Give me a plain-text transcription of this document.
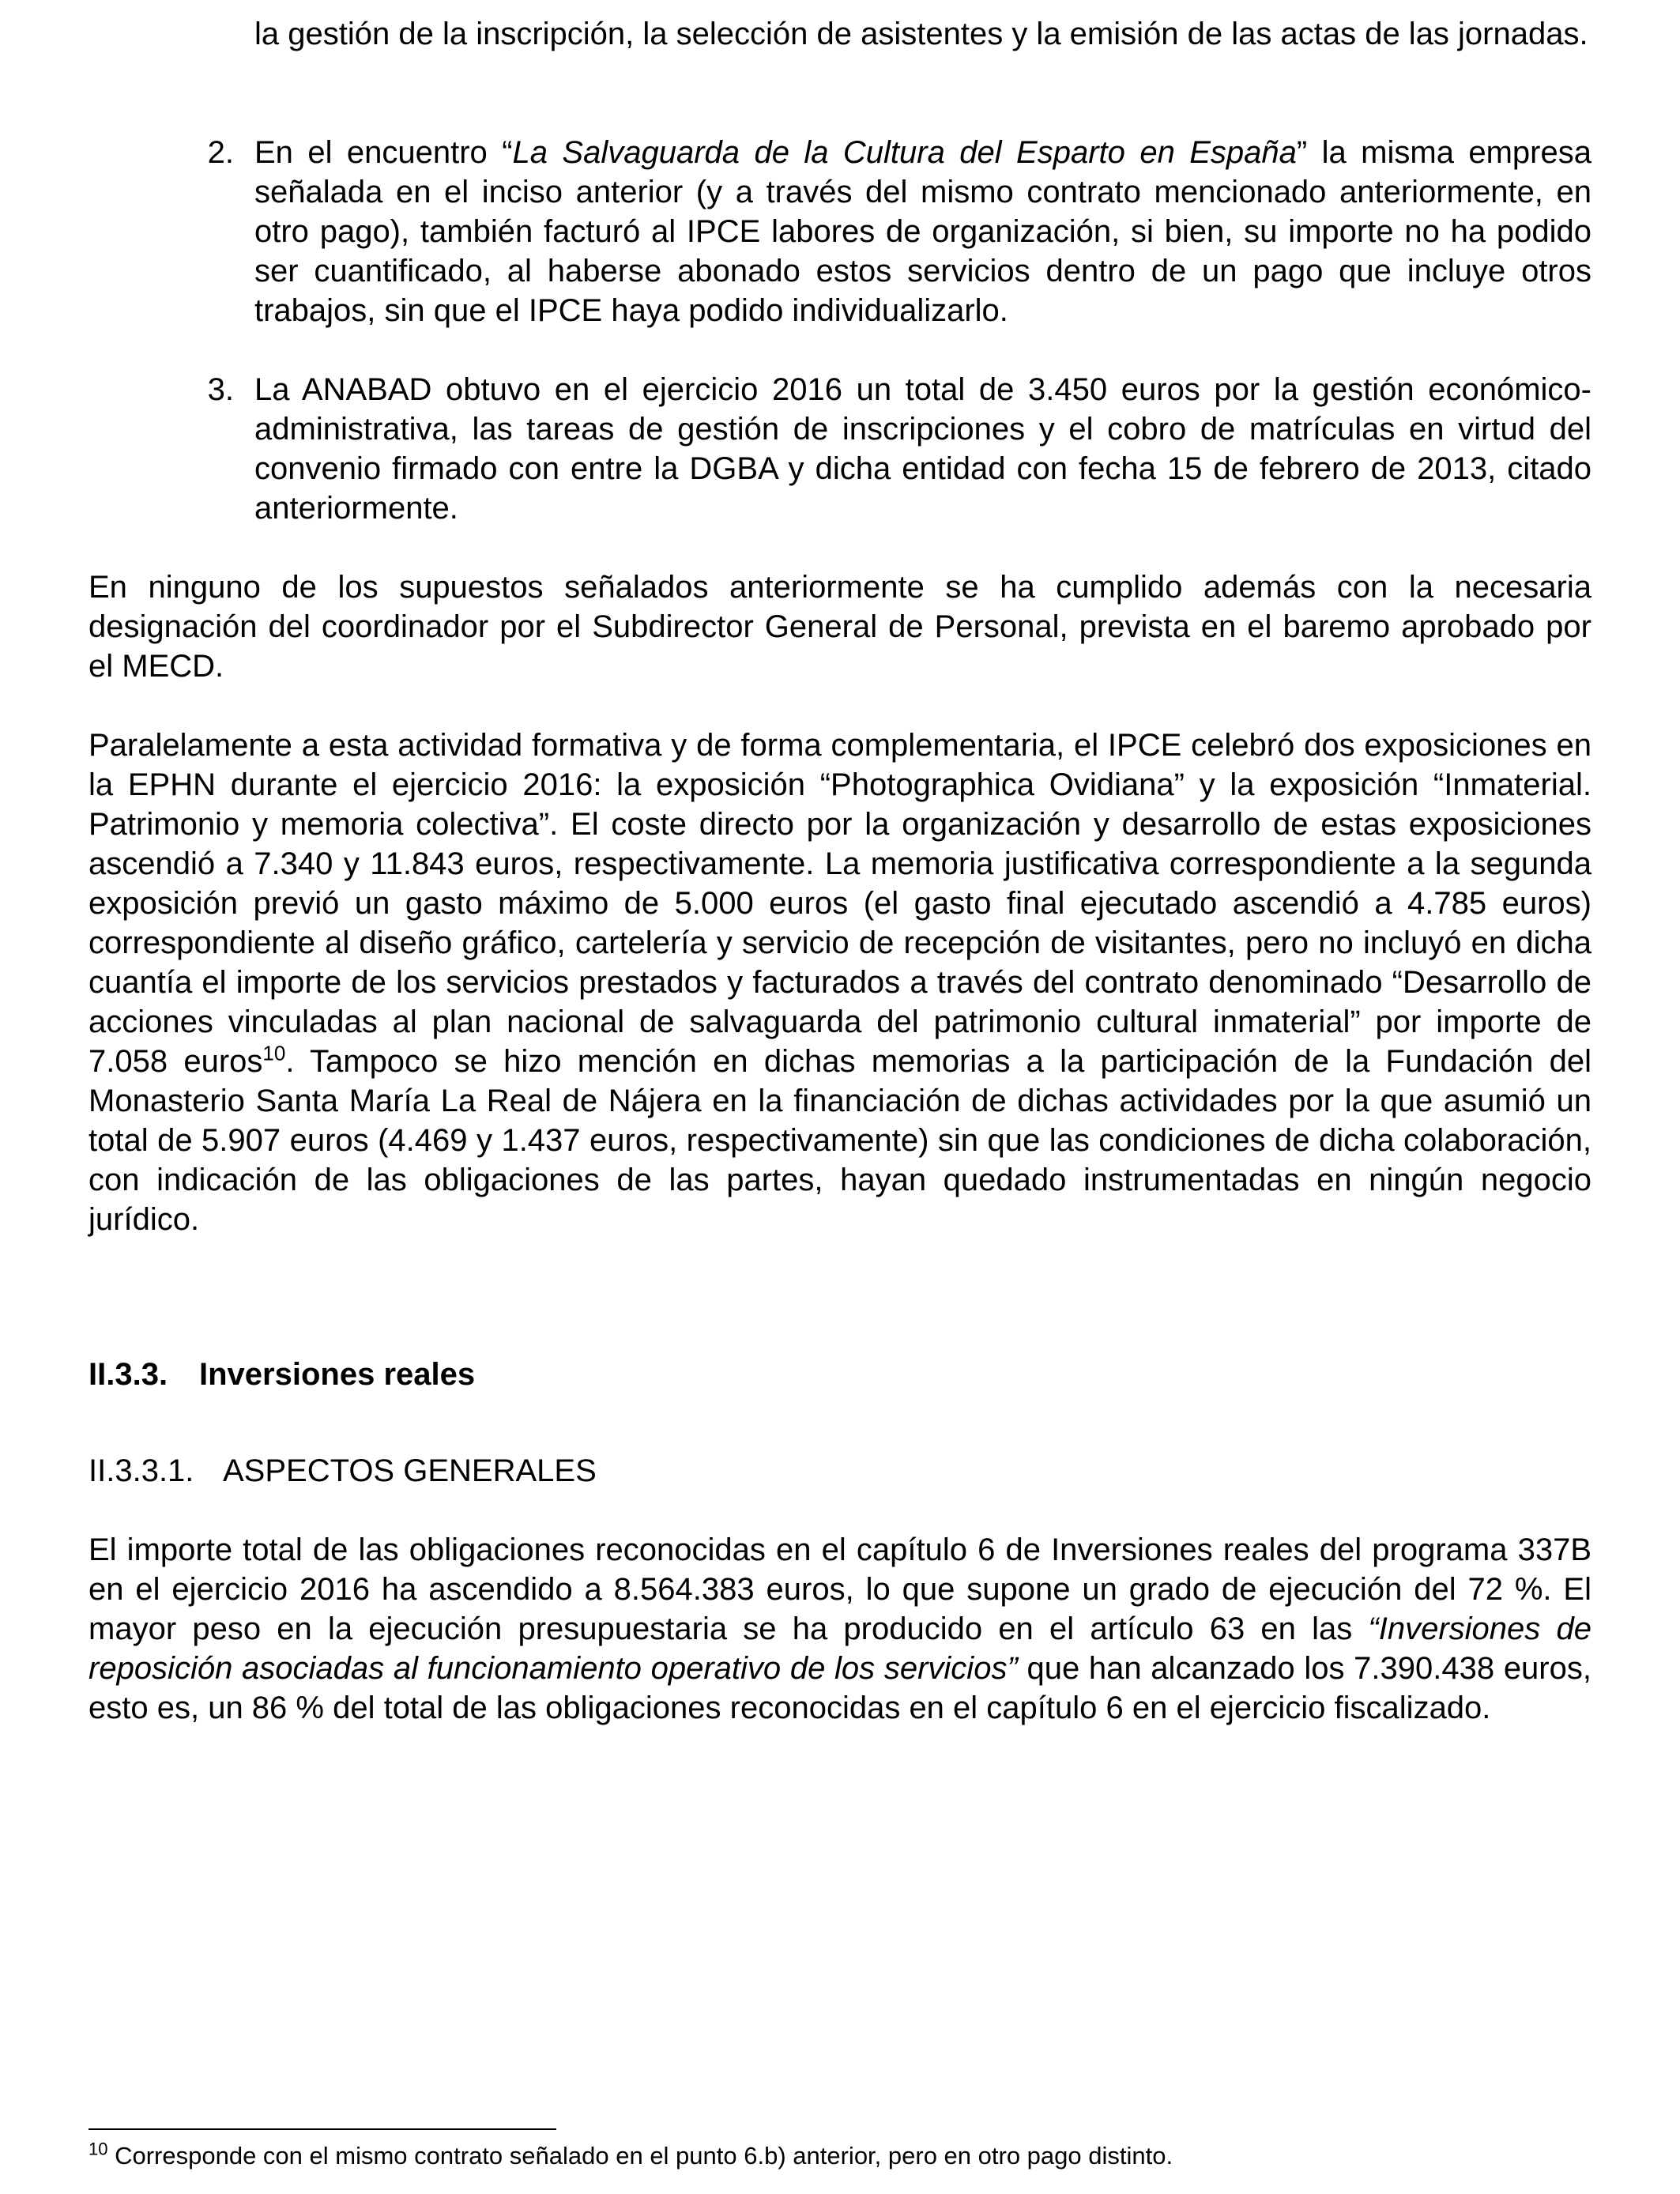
la gestión de la inscripción, la selección de asistentes y la emisión de las actas de las jornadas.

2. En el encuentro “La Salvaguarda de la Cultura del Esparto en España” la misma empresa señalada en el inciso anterior (y a través del mismo contrato mencionado anteriormente, en otro pago), también facturó al IPCE labores de organización, si bien, su importe no ha podido ser cuantificado, al haberse abonado estos servicios dentro de un pago que incluye otros trabajos, sin que el IPCE haya podido individualizarlo.

3. La ANABAD obtuvo en el ejercicio 2016 un total de 3.450 euros por la gestión económico-administrativa, las tareas de gestión de inscripciones y el cobro de matrículas en virtud del convenio firmado con entre la DGBA y dicha entidad con fecha 15 de febrero de 2013, citado anteriormente.

En ninguno de los supuestos señalados anteriormente se ha cumplido además con la necesaria designación del coordinador por el Subdirector General de Personal, prevista en el baremo aprobado por el MECD.

Paralelamente a esta actividad formativa y de forma complementaria, el IPCE celebró dos exposiciones en la EPHN durante el ejercicio 2016: la exposición “Photographica Ovidiana” y la exposición “Inmaterial. Patrimonio y memoria colectiva”. El coste directo por la organización y desarrollo de estas exposiciones ascendió a 7.340 y 11.843 euros, respectivamente. La memoria justificativa correspondiente a la segunda exposición previó un gasto máximo de 5.000 euros (el gasto final ejecutado ascendió a 4.785 euros) correspondiente al diseño gráfico, cartelería y servicio de recepción de visitantes, pero no incluyó en dicha cuantía el importe de los servicios prestados y facturados a través del contrato denominado “Desarrollo de acciones vinculadas al plan nacional de salvaguarda del patrimonio cultural inmaterial” por importe de 7.058 euros$^{10}$. Tampoco se hizo mención en dichas memorias a la participación de la Fundación del Monasterio Santa María La Real de Nájera en la financiación de dichas actividades por la que asumió un total de 5.907 euros (4.469 y 1.437 euros, respectivamente) sin que las condiciones de dicha colaboración, con indicación de las obligaciones de las partes, hayan quedado instrumentadas en ningún negocio jurídico.

II.3.3. Inversiones reales

II.3.3.1. ASPECTOS GENERALES

El importe total de las obligaciones reconocidas en el capítulo 6 de Inversiones reales del programa 337B en el ejercicio 2016 ha ascendido a 8.564.383 euros, lo que supone un grado de ejecución del 72 %. El mayor peso en la ejecución presupuestaria se ha producido en el artículo 63 en las “Inversiones de reposición asociadas al funcionamiento operativo de los servicios” que han alcanzado los 7.390.438 euros, esto es, un 86 % del total de las obligaciones reconocidas en el capítulo 6 en el ejercicio fiscalizado.

$^{10}$ Corresponde con el mismo contrato señalado en el punto 6.b) anterior, pero en otro pago distinto.
